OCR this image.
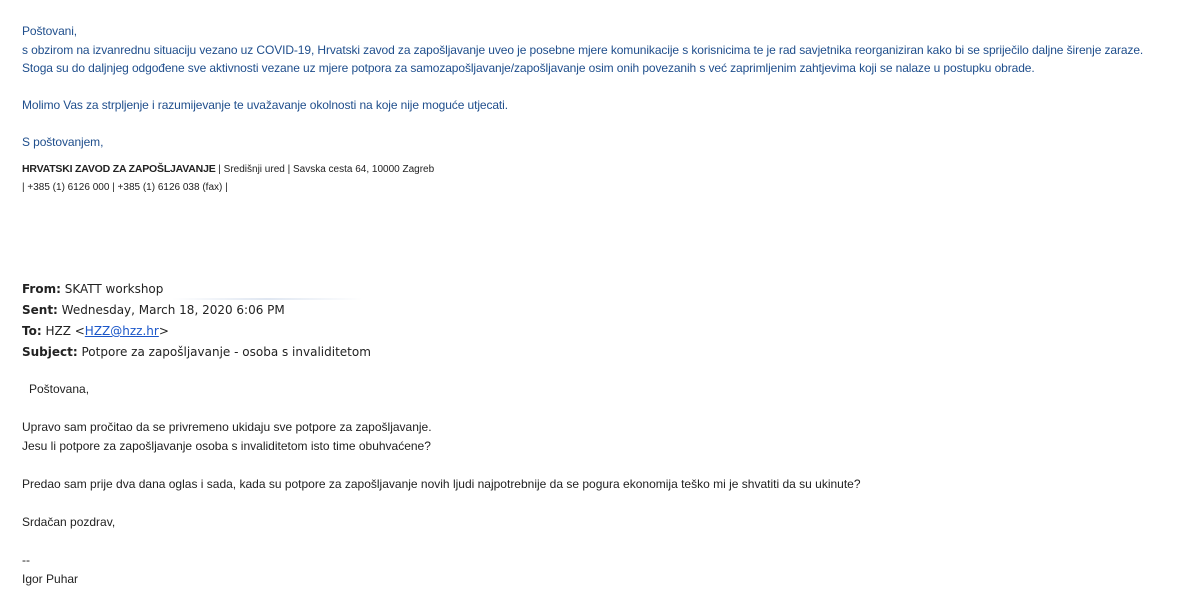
Poštovani,

s obzirom na izvanrednu situaciju vezano uz COVID-19, Hrvatski zavod za zapošljavanje uveo je posebne mjere komunikacije s korisnicima te je rad savjetnika reorganiziran kako bi se spriječilo daljne širenje zaraze.

Stoga su do daljnjeg odgođene sve aktivnosti vezane uz mjere potpora za samozapošljavanje/zapošljavanje osim onih povezanih s već zaprimljenim zahtjevima koji se nalaze u postupku obrade.

Molimo Vas za strpljenje i razumijevanje te uvažavanje okolnosti na koje nije moguće utjecati.

S poštovanjem,

HRVATSKI ZAVOD ZA ZAPOŠLJAVANJE | Središnji ured | Savska cesta 64, 10000 Zagreb
| +385 (1) 6126 000 | +385 (1) 6126 038 (fax) |
From: SKATT workshop
Sent: Wednesday, March 18, 2020 6:06 PM
To: HZZ <HZZ@hzz.hr>
Subject: Potpore za zapošljavanje - osoba s invaliditetom

Poštovana,

Upravo sam pročitao da se privremeno ukidaju sve potpore za zapošljavanje.

Jesu li potpore za zapošljavanje osoba s invaliditetom isto time obuhvaćene?

Predao sam prije dva dana oglas i sada, kada su potpore za zapošljavanje novih ljudi najpotrebnije da se pogura ekonomija teško mi je shvatiti da su ukinute?

Srdačan pozdrav,

--

Igor Puhar
